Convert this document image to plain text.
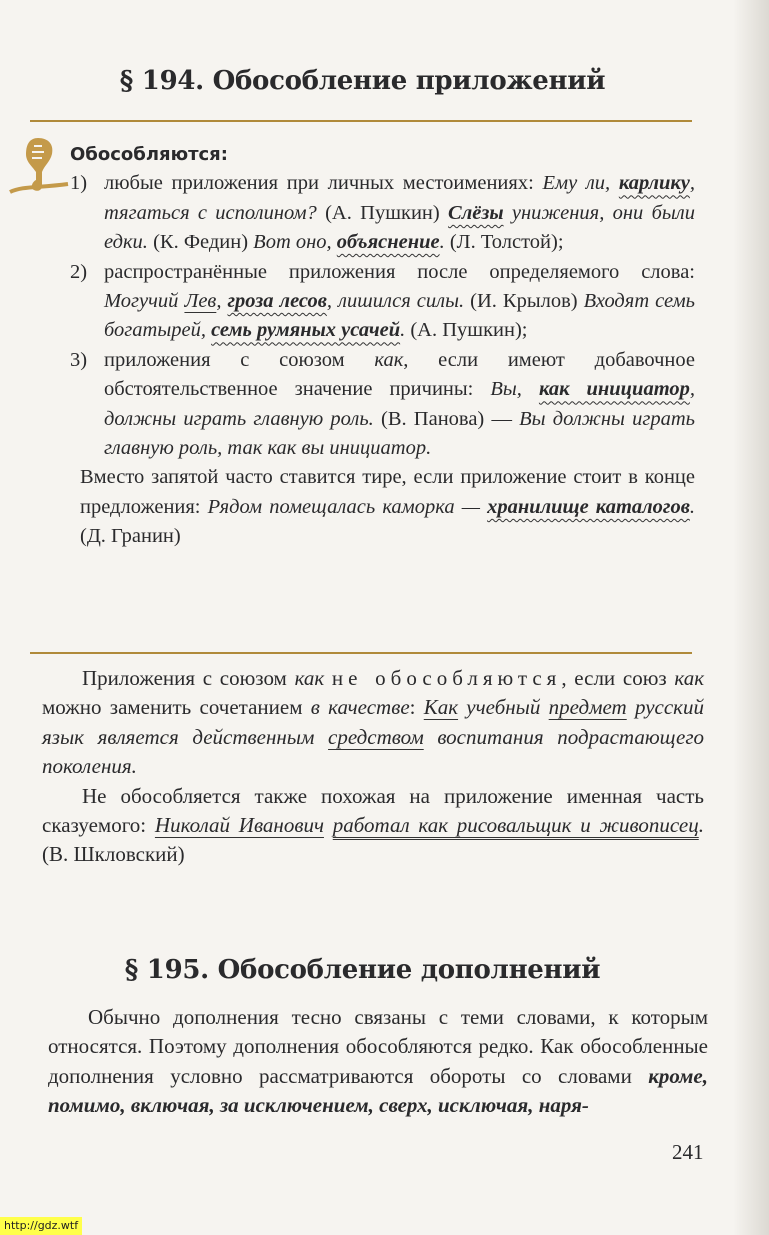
§ 194. Обособление приложений

Обособляются:

1) любые приложения при личных местоимениях: Ему ли, карлику, тягаться с исполином? (А. Пушкин) Слёзы унижения, они были едки. (К. Федин) Вот оно, объяснение. (Л. Толстой);
2) распространённые приложения после определяемого слова: Могучий Лев, гроза лесов, лишился силы. (И. Крылов) Входят семь богатырей, семь румяных усачей. (А. Пушкин);
3) приложения с союзом как, если имеют добавочное обстоятельственное значение причины: Вы, как инициатор, должны играть главную роль. (В. Панова) — Вы должны играть главную роль, так как вы инициатор.

Вместо запятой часто ставится тире, если приложение стоит в конце предложения: Рядом помещалась каморка — хранилище каталогов. (Д. Гранин)

Приложения с союзом как не обособляются, если союз как можно заменить сочетанием в качестве: Как учебный предмет русский язык является действенным средством воспитания подрастающего поколения.

Не обособляется также похожая на приложение именная часть сказуемого: Николай Иванович работал как рисовальщик и живописец. (В. Шкловский)

§ 195. Обособление дополнений

Обычно дополнения тесно связаны с теми словами, к которым относятся. Поэтому дополнения обособляются редко. Как обособленные дополнения условно рассматриваются обороты со словами кроме, помимо, включая, за исключением, сверх, исключая, наря-

241
http://gdz.wtf
